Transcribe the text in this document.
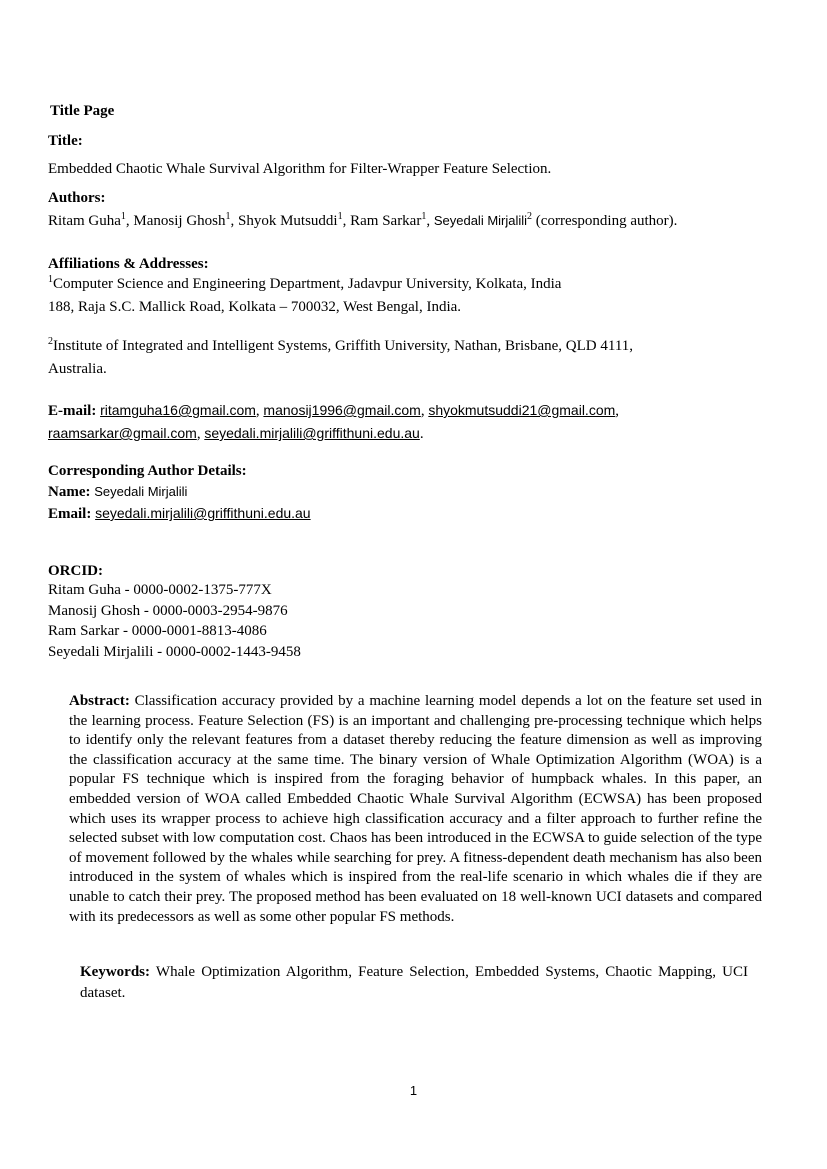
Title Page
Title:
Embedded Chaotic Whale Survival Algorithm for Filter-Wrapper Feature Selection.
Authors:
Ritam Guha$^1$, Manosij Ghosh$^1$, Shyok Mutsuddi$^1$, Ram Sarkar$^1$, Seyedali Mirjalili$^2$ (corresponding author).
Affiliations & Addresses:
$^1$Computer Science and Engineering Department, Jadavpur University, Kolkata, India
188, Raja S.C. Mallick Road, Kolkata – 700032, West Bengal, India.
$^2$Institute of Integrated and Intelligent Systems, Griffith University, Nathan, Brisbane, QLD 4111,
Australia.
E-mail: ritamguha16@gmail.com, manosij1996@gmail.com, shyokmutsuddi21@gmail.com,
raamsarkar@gmail.com, seyedali.mirjalili@griffithuni.edu.au.
Corresponding Author Details:
Name: Seyedali Mirjalili
Email: seyedali.mirjalili@griffithuni.edu.au
ORCID:
Ritam Guha - 0000-0002-1375-777X
Manosij Ghosh - 0000-0003-2954-9876
Ram Sarkar - 0000-0001-8813-4086
Seyedali Mirjalili - 0000-0002-1443-9458
Abstract: Classification accuracy provided by a machine learning model depends a lot on the feature set used in the learning process. Feature Selection (FS) is an important and challenging pre-processing technique which helps to identify only the relevant features from a dataset thereby reducing the feature dimension as well as improving the classification accuracy at the same time. The binary version of Whale Optimization Algorithm (WOA) is a popular FS technique which is inspired from the foraging behavior of humpback whales. In this paper, an embedded version of WOA called Embedded Chaotic Whale Survival Algorithm (ECWSA) has been proposed which uses its wrapper process to achieve high classification accuracy and a filter approach to further refine the selected subset with low computation cost. Chaos has been introduced in the ECWSA to guide selection of the type of movement followed by the whales while searching for prey. A fitness-dependent death mechanism has also been introduced in the system of whales which is inspired from the real-life scenario in which whales die if they are unable to catch their prey. The proposed method has been evaluated on 18 well-known UCI datasets and compared with its predecessors as well as some other popular FS methods.
Keywords: Whale Optimization Algorithm, Feature Selection, Embedded Systems, Chaotic Mapping, UCI dataset.
1
